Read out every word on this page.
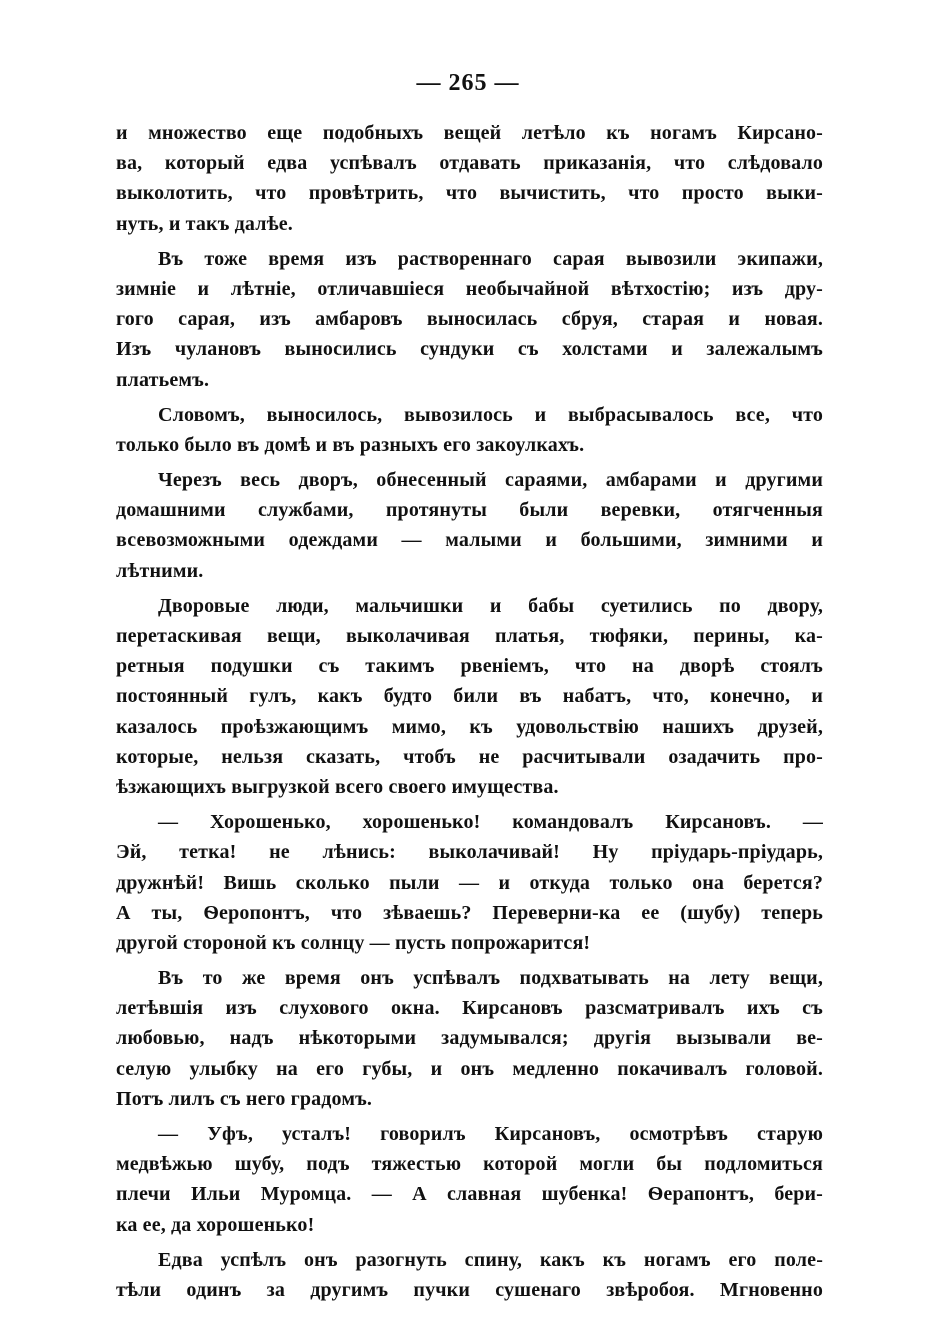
— 265 —
и множество еще подобныхъ вещей летѣло къ ногамъ Кирсано-
ва, который едва успѣвалъ отдавать приказанія, что слѣдовало
выколотить, что провѣтрить, что вычистить, что просто выки-
нуть, и такъ далѣе.
Въ тоже время изъ раствореннаго сарая вывозили экипажи,
зимніе и лѣтніе, отличавшіеся необычайной вѣтхостію; изъ дру-
гого сарая, изъ амбаровъ выносилась сбруя, старая и новая.
Изъ чулановъ выносились сундуки съ холстами и залежалымъ
платьемъ.
Словомъ, выносилось, вывозилось и выбрасывалось все, что
только было въ домѣ и въ разныхъ его закоулкахъ.
Черезъ весь дворъ, обнесенный сараями, амбарами и другими
домашними службами, протянуты были веревки, отягченныя
всевозможными одеждами — малыми и большими, зимними и
лѣтними.
Дворовые люди, мальчишки и бабы суетились по двору,
перетаскивая вещи, выколачивая платья, тюфяки, перины, ка-
ретныя подушки съ такимъ рвеніемъ, что на дворѣ стоялъ
постоянный гулъ, какъ будто били въ набатъ, что, конечно, и
казалось проѣзжающимъ мимо, къ удовольствію нашихъ друзей,
которые, нельзя сказать, чтобъ не расчитывали озадачить про-
ѣзжающихъ выгрузкой всего своего имущества.
— Хорошенько, хорошенько! командовалъ Кирсановъ. —
Эй, тетка! не лѣнись: выколачивай! Ну пріударь-пріударь,
дружнѣй! Вишь сколько пыли — и откуда только она берется?
А ты, Ѳеропонтъ, что зѣваешь? Переверни-ка ее (шубу) теперь
другой стороной къ солнцу — пусть попрожарится!
Въ то же время онъ успѣвалъ подхватывать на лету вещи,
летѣвшія изъ слухового окна. Кирсановъ разсматривалъ ихъ съ
любовью, надъ нѣкоторыми задумывался; другія вызывали ве-
селую улыбку на его губы, и онъ медленно покачивалъ головой.
Потъ лилъ съ него градомъ.
— Уфъ, усталъ! говорилъ Кирсановъ, осмотрѣвъ старую
медвѣжью шубу, подъ тяжестью которой могли бы подломиться
плечи Ильи Муромца. — А славная шубенка! Ѳерапонтъ, бери-
ка ее, да хорошенько!
Едва успѣлъ онъ разогнуть спину, какъ къ ногамъ его поле-
тѣли одинъ за другимъ пучки сушенаго звѣробоя. Мгновенно
